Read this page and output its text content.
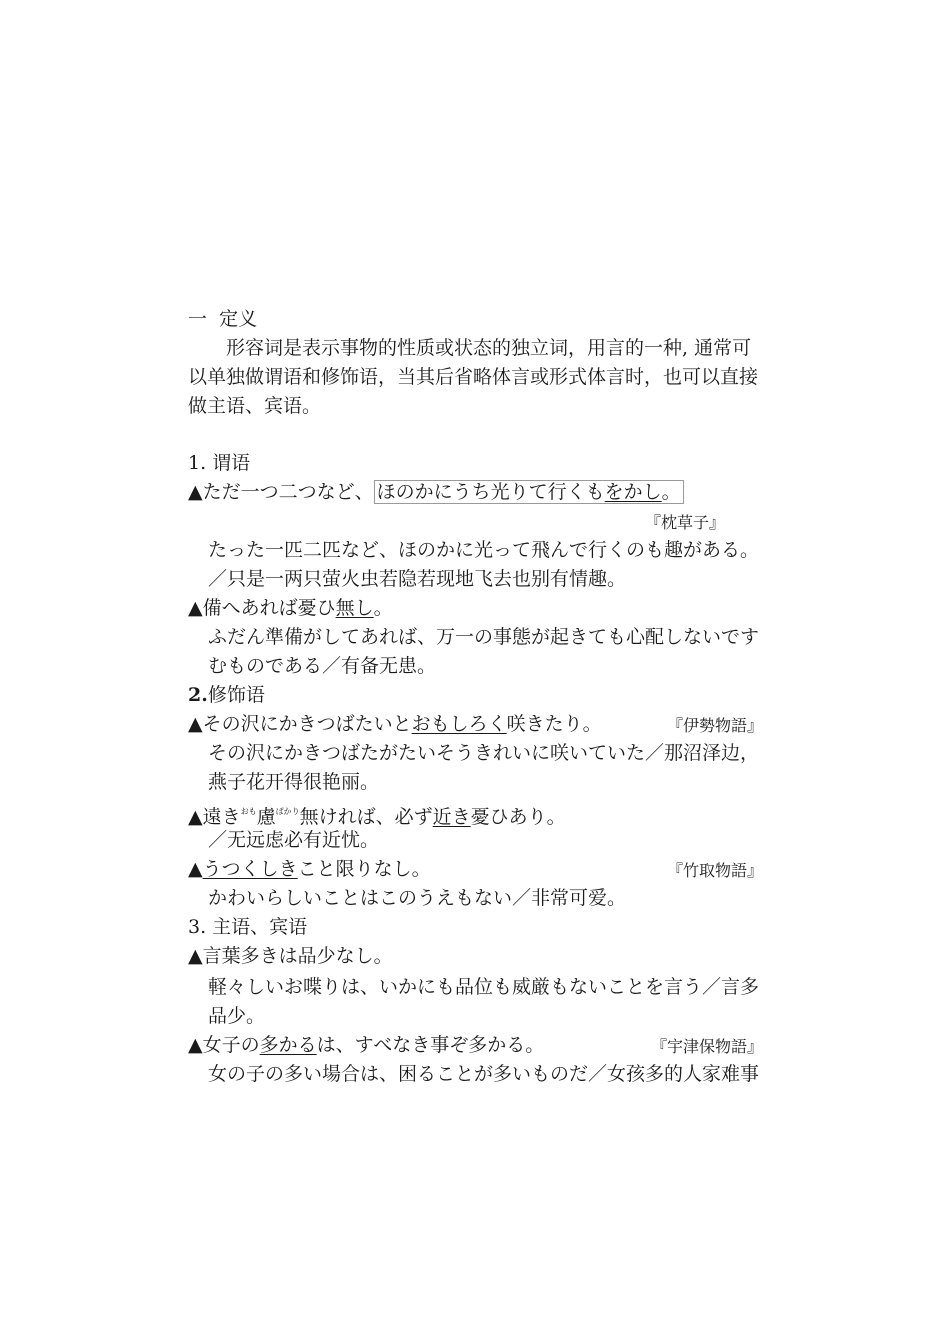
一 定义
形容词是表示事物的性质或状态的独立词，用言的一种, 通常可
以单独做谓语和修饰语，当其后省略体言或形式体言时，也可以直接
做主语、宾语。
1. 谓语
▲ただ一つ二つなど、 ほのかにうち光りて行くもをかし。
『枕草子』
たった一匹二匹など、ほのかに光って飛んで行くのも趣がある。
／只是一两只萤火虫若隐若现地飞去也别有情趣。
▲備へあれば憂ひ無し。
ふだん準備がしてあれば、万一の事態が起きても心配しないです
むものである／有备无患。
2.修饰语
▲その沢にかきつばたいとおもしろく咲きたり。	『伊勢物語』
その沢にかきつばたがたいそうきれいに咲いていた／那沼泽边，
燕子花开得很艳丽。
▲遠き$^{おも}$慮$^{ぱかり}$無ければ、必ず近き憂ひあり。
／无远虑必有近忧。
▲うつくしきこと限りなし。	『竹取物語』
かわいらしいことはこのうえもない／非常可爱。
3. 主语、宾语
▲言葉多きは品少なし。
軽々しいお喋りは、いかにも品位も威厳もないことを言う／言多
品少。
▲女子の多かるは、すべなき事ぞ多かる。	『宇津保物語』
女の子の多い場合は、困ることが多いものだ／女孩多的人家难事
